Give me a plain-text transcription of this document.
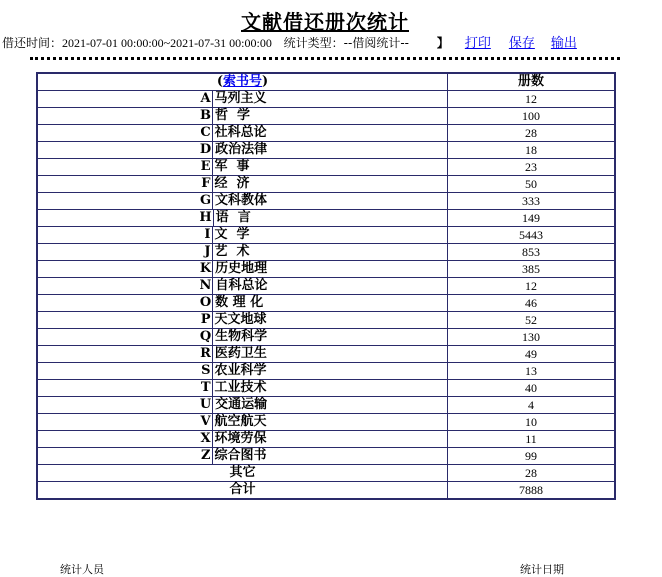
文献借还册次统计
借还时间：2021-07-01 00:00:00~2021-07-31 00:00:00 统计类型：--借阅统计-- 】 打印 保存 输出
(索书号)	册数

A 马列主义	12

B 哲  学	100

C 社科总论	28

D 政治法律	18

E 军  事	23

F 经  济	50

G 文科教体	333

H 语  言	149

I 文  学	5443

J 艺  术	853

K 历史地理	385

N 自科总论	12

O 数 理 化	46

P 天文地球	52

Q 生物科学	130

R 医药卫生	49

S 农业科学	13

T 工业技术	40

U 交通运输	4

V 航空航天	10

X 环境劳保	11

Z 综合图书	99
其它	28
合计	7888
统计人员	统计日期
